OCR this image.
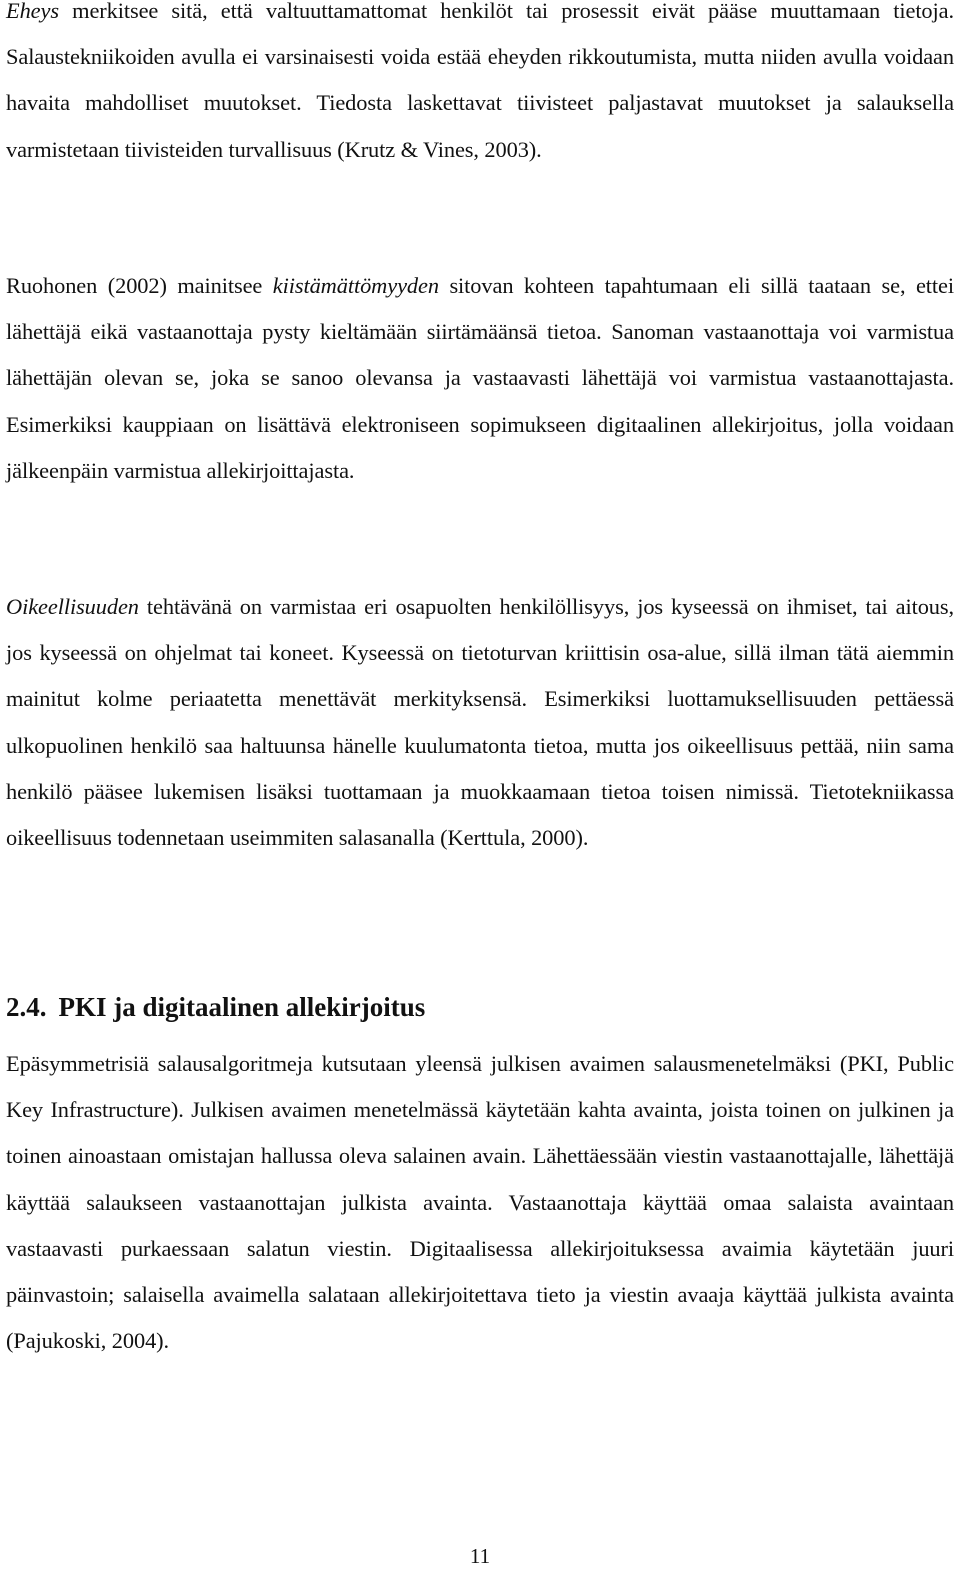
Eheys merkitsee sitä, että valtuuttamattomat henkilöt tai prosessit eivät pääse muuttamaan tietoja. Salaustekniikoiden avulla ei varsinaisesti voida estää eheyden rikkoutumista, mutta niiden avulla voidaan havaita mahdolliset muutokset. Tiedosta laskettavat tiivisteet paljastavat muutokset ja salauksella varmistetaan tiivisteiden turvallisuus (Krutz & Vines, 2003).

Ruohonen (2002) mainitsee kiistämättömyyden sitovan kohteen tapahtumaan eli sillä taataan se, ettei lähettäjä eikä vastaanottaja pysty kieltämään siirtämäänsä tietoa. Sanoman vastaanottaja voi varmistua lähettäjän olevan se, joka se sanoo olevansa ja vastaavasti lähettäjä voi varmistua vastaanottajasta. Esimerkiksi kauppiaan on lisättävä elektroniseen sopimukseen digitaalinen allekirjoitus, jolla voidaan jälkeenpäin varmistua allekirjoittajasta.

Oikeellisuuden tehtävänä on varmistaa eri osapuolten henkilöllisyys, jos kyseessä on ihmiset, tai aitous, jos kyseessä on ohjelmat tai koneet. Kyseessä on tietoturvan kriittisin osa-alue, sillä ilman tätä aiemmin mainitut kolme periaatetta menettävät merkityksensä. Esimerkiksi luottamuksellisuuden pettäessä ulkopuolinen henkilö saa haltuunsa hänelle kuulumatonta tietoa, mutta jos oikeellisuus pettää, niin sama henkilö pääsee lukemisen lisäksi tuottamaan ja muokkaamaan tietoa toisen nimissä. Tietotekniikassa oikeellisuus todennetaan useimmiten salasanalla (Kerttula, 2000).

2.4. PKI ja digitaalinen allekirjoitus

Epäsymmetrisiä salausalgoritmeja kutsutaan yleensä julkisen avaimen salausmenetelmäksi (PKI, Public Key Infrastructure). Julkisen avaimen menetelmässä käytetään kahta avainta, joista toinen on julkinen ja toinen ainoastaan omistajan hallussa oleva salainen avain. Lähettäessään viestin vastaanottajalle, lähettäjä käyttää salaukseen vastaanottajan julkista avainta. Vastaanottaja käyttää omaa salaista avaintaan vastaavasti purkaessaan salatun viestin. Digitaalisessa allekirjoituksessa avaimia käytetään juuri päinvastoin; salaisella avaimella salataan allekirjoitettava tieto ja viestin avaaja käyttää julkista avainta (Pajukoski, 2004).

11
